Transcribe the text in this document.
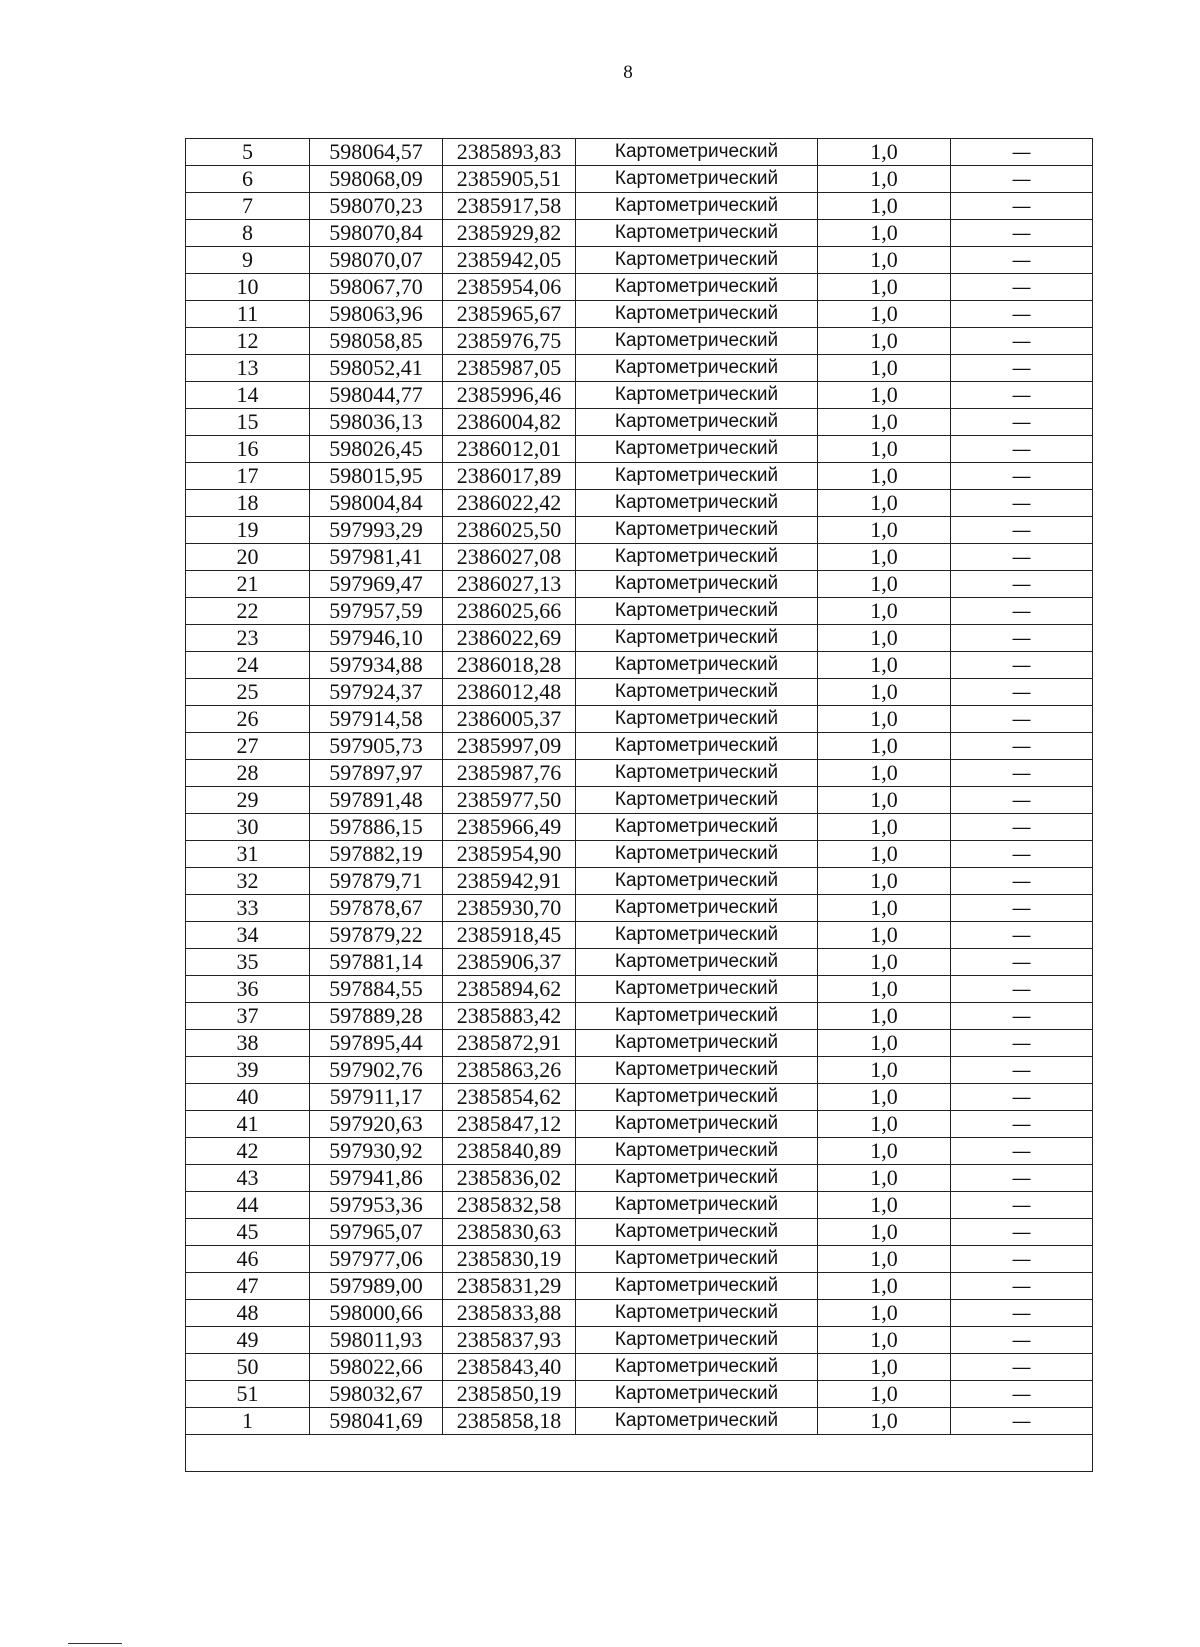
8
5	598064,57	2385893,83	Картометрический	1,0	—
6	598068,09	2385905,51	Картометрический	1,0	—
7	598070,23	2385917,58	Картометрический	1,0	—
8	598070,84	2385929,82	Картометрический	1,0	—
9	598070,07	2385942,05	Картометрический	1,0	—
10	598067,70	2385954,06	Картометрический	1,0	—
11	598063,96	2385965,67	Картометрический	1,0	—
12	598058,85	2385976,75	Картометрический	1,0	—
13	598052,41	2385987,05	Картометрический	1,0	—
14	598044,77	2385996,46	Картометрический	1,0	—
15	598036,13	2386004,82	Картометрический	1,0	—
16	598026,45	2386012,01	Картометрический	1,0	—
17	598015,95	2386017,89	Картометрический	1,0	—
18	598004,84	2386022,42	Картометрический	1,0	—
19	597993,29	2386025,50	Картометрический	1,0	—
20	597981,41	2386027,08	Картометрический	1,0	—
21	597969,47	2386027,13	Картометрический	1,0	—
22	597957,59	2386025,66	Картометрический	1,0	—
23	597946,10	2386022,69	Картометрический	1,0	—
24	597934,88	2386018,28	Картометрический	1,0	—
25	597924,37	2386012,48	Картометрический	1,0	—
26	597914,58	2386005,37	Картометрический	1,0	—
27	597905,73	2385997,09	Картометрический	1,0	—
28	597897,97	2385987,76	Картометрический	1,0	—
29	597891,48	2385977,50	Картометрический	1,0	—
30	597886,15	2385966,49	Картометрический	1,0	—
31	597882,19	2385954,90	Картометрический	1,0	—
32	597879,71	2385942,91	Картометрический	1,0	—
33	597878,67	2385930,70	Картометрический	1,0	—
34	597879,22	2385918,45	Картометрический	1,0	—
35	597881,14	2385906,37	Картометрический	1,0	—
36	597884,55	2385894,62	Картометрический	1,0	—
37	597889,28	2385883,42	Картометрический	1,0	—
38	597895,44	2385872,91	Картометрический	1,0	—
39	597902,76	2385863,26	Картометрический	1,0	—
40	597911,17	2385854,62	Картометрический	1,0	—
41	597920,63	2385847,12	Картометрический	1,0	—
42	597930,92	2385840,89	Картометрический	1,0	—
43	597941,86	2385836,02	Картометрический	1,0	—
44	597953,36	2385832,58	Картометрический	1,0	—
45	597965,07	2385830,63	Картометрический	1,0	—
46	597977,06	2385830,19	Картометрический	1,0	—
47	597989,00	2385831,29	Картометрический	1,0	—
48	598000,66	2385833,88	Картометрический	1,0	—
49	598011,93	2385837,93	Картометрический	1,0	—
50	598022,66	2385843,40	Картометрический	1,0	—
51	598032,67	2385850,19	Картометрический	1,0	—
1	598041,69	2385858,18	Картометрический	1,0	—
